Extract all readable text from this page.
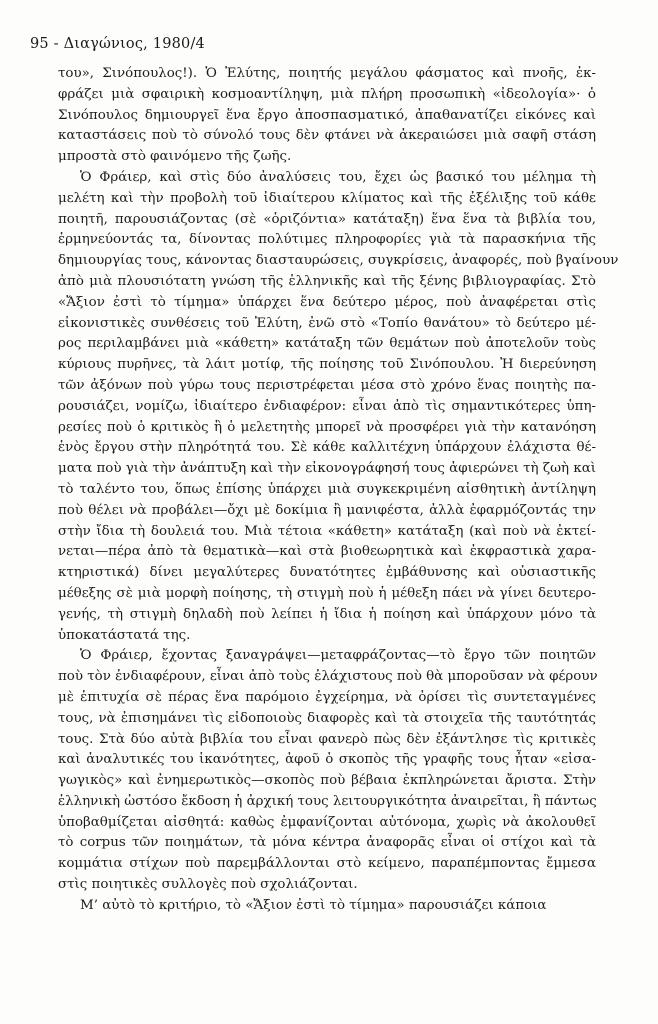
95 - Διαγώνιος, 1980/4
του», Σινόπουλος!). Ὁ Ἐλύτης, ποιητής μεγάλου φάσματος καὶ πνοῆς, ἐκ-
φράζει μιὰ σφαιρικὴ κοσμοαντίληψη, μιὰ πλήρη προσωπικὴ «ἰδεολογία»· ὁ
Σινόπουλος δημιουργεῖ ἕνα ἔργο ἀποσπασματικό, ἀπαθανατίζει εἰκόνες καὶ
καταστάσεις ποὺ τὸ σύνολό τους δὲν φτάνει νὰ ἀκεραιώσει μιὰ σαφῆ στάση
μπροστὰ στὸ φαινόμενο τῆς ζωῆς.
Ὁ Φράιερ, καὶ στὶς δύο ἀναλύσεις του, ἔχει ὡς βασικό του μέλημα τὴ
μελέτη καὶ τὴν προβολὴ τοῦ ἰδιαίτερου κλίματος καὶ τῆς ἐξέλιξης τοῦ κάθε
ποιητῆ, παρουσιάζοντας (σὲ «ὁριζόντια» κατάταξη) ἕνα ἕνα τὰ βιβλία του,
ἑρμηνεύοντάς τα, δίνοντας πολύτιμες πληροφορίες γιὰ τὰ παρασκήνια τῆς
δημιουργίας τους, κάνοντας διασταυρώσεις, συγκρίσεις, ἀναφορές, ποὺ βγαίνουν
ἀπὸ μιὰ πλουσιότατη γνώση τῆς ἑλληνικῆς καὶ τῆς ξένης βιβλιογραφίας. Στὸ
«Ἄξιον ἐστὶ τὸ τίμημα» ὑπάρχει ἕνα δεύτερο μέρος, ποὺ ἀναφέρεται στὶς
εἰκονιστικὲς συνθέσεις τοῦ Ἐλύτη, ἐνῶ στὸ «Τοπίο θανάτου» τὸ δεύτερο μέ-
ρος περιλαμβάνει μιὰ «κάθετη» κατάταξη τῶν θεμάτων ποὺ ἀποτελοῦν τοὺς
κύριους πυρῆνες, τὰ λάιτ μοτίφ, τῆς ποίησης τοῦ Σινόπουλου. Ἡ διερεύνηση
τῶν ἀξόνων ποὺ γύρω τους περιστρέφεται μέσα στὸ χρόνο ἕνας ποιητὴς πα-
ρουσιάζει, νομίζω, ἰδιαίτερο ἐνδιαφέρον: εἶναι ἀπὸ τὶς σημαντικότερες ὑπη-
ρεσίες ποὺ ὁ κριτικὸς ἢ ὁ μελετητὴς μπορεῖ νὰ προσφέρει γιὰ τὴν κατανόηση
ἑνὸς ἔργου στὴν πληρότητά του. Σὲ κάθε καλλιτέχνη ὑπάρχουν ἐλάχιστα θέ-
ματα ποὺ γιὰ τὴν ἀνάπτυξη καὶ τὴν εἰκονογράφησή τους ἀφιερώνει τὴ ζωὴ καὶ
τὸ ταλέντο του, ὅπως ἐπίσης ὑπάρχει μιὰ συγκεκριμένη αἰσθητικὴ ἀντίληψη
ποὺ θέλει νὰ προβάλει—ὄχι μὲ δοκίμια ἢ μανιφέστα, ἀλλὰ ἐφαρμόζοντάς την
στὴν ἴδια τὴ δουλειά του. Μιὰ τέτοια «κάθετη» κατάταξη (καὶ ποὺ νὰ ἐκτεί-
νεται—πέρα ἀπὸ τὰ θεματικὰ—καὶ στὰ βιοθεωρητικὰ καὶ ἐκφραστικὰ χαρα-
κτηριστικά) δίνει μεγαλύτερες δυνατότητες ἐμβάθυνσης καὶ οὐσιαστικῆς
μέθεξης σὲ μιὰ μορφὴ ποίησης, τὴ στιγμὴ ποὺ ἡ μέθεξη πάει νὰ γίνει δευτερο-
γενής, τὴ στιγμὴ δηλαδὴ ποὺ λείπει ἡ ἴδια ἡ ποίηση καὶ ὑπάρχουν μόνο τὰ
ὑποκατάστατά της.
Ὁ Φράιερ, ἔχοντας ξαναγράψει—μεταφράζοντας—τὸ ἔργο τῶν ποιητῶν
ποὺ τὸν ἐνδιαφέρουν, εἶναι ἀπὸ τοὺς ἐλάχιστους ποὺ θὰ μποροῦσαν νὰ φέρουν
μὲ ἐπιτυχία σὲ πέρας ἕνα παρόμοιο ἐγχείρημα, νὰ ὁρίσει τὶς συντεταγμένες
τους, νὰ ἐπισημάνει τὶς εἰδοποιοὺς διαφορὲς καὶ τὰ στοιχεῖα τῆς ταυτότητάς
τους. Στὰ δύο αὐτὰ βιβλία του εἶναι φανερὸ πὼς δὲν ἐξάντλησε τὶς κριτικὲς
καὶ ἀναλυτικές του ἱκανότητες, ἀφοῦ ὁ σκοπὸς τῆς γραφῆς τους ἦταν «εἰσα-
γωγικὸς» καὶ ἐνημερωτικὸς—σκοπὸς ποὺ βέβαια ἐκπληρώνεται ἄριστα. Στὴν
ἑλληνικὴ ὡστόσο ἔκδοση ἡ ἀρχική τους λειτουργικότητα ἀναιρεῖται, ἢ πάντως
ὑποβαθμίζεται αἰσθητά: καθὼς ἐμφανίζονται αὐτόνομα, χωρὶς νὰ ἀκολουθεῖ
τὸ corpus τῶν ποιημάτων, τὰ μόνα κέντρα ἀναφορᾶς εἶναι οἱ στίχοι καὶ τὰ
κομμάτια στίχων ποὺ παρεμβάλλονται στὸ κείμενο, παραπέμποντας ἔμμεσα
στὶς ποιητικὲς συλλογὲς ποὺ σχολιάζονται.
Μ’ αὐτὸ τὸ κριτήριο, τὸ «Ἄξιον ἐστὶ τὸ τίμημα» παρουσιάζει κάποια
